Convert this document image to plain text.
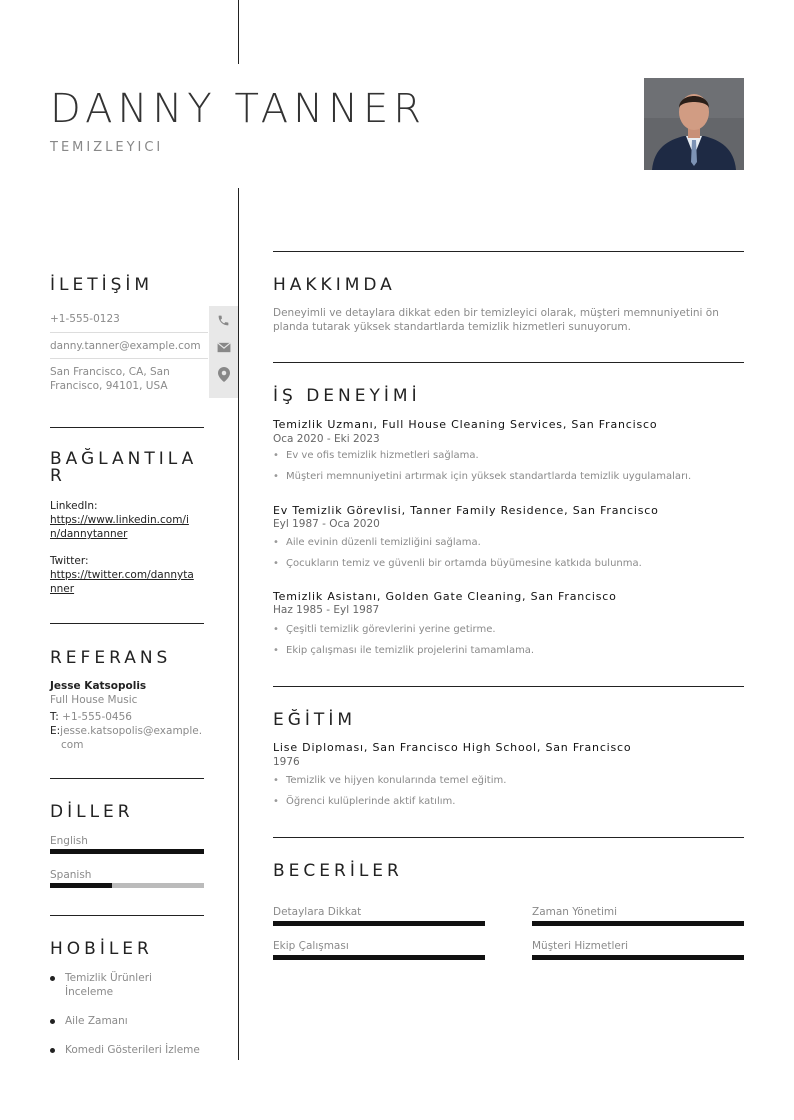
DANNY TANNER
TEMIZLEYICI
İLETİŞİM
+1-555-0123
danny.tanner@example.com
San Francisco, CA, San
Francisco, 94101, USA
BAĞLANTILA
R
LinkedIn:
https://www.linkedin.com/i
n/dannytanner
Twitter:
https://twitter.com/dannyta
nner
REFERANS
Jesse Katsopolis
Full House Music
T: +1-555-0456
E:jesse.katsopolis@example.
com
DİLLER
English
Spanish
HOBİLER
Temizlik Ürünleri
İnceleme
Aile Zamanı
Komedi Gösterileri İzleme
HAKKIMDA
Deneyimli ve detaylara dikkat eden bir temizleyici olarak, müşteri memnuniyetini ön
planda tutarak yüksek standartlarda temizlik hizmetleri sunuyorum.
İŞ DENEYİMİ
Temizlik Uzmanı, Full House Cleaning Services, San Francisco
Oca 2020 - Eki 2023
• Ev ve ofis temizlik hizmetleri sağlama.
• Müşteri memnuniyetini artırmak için yüksek standartlarda temizlik uygulamaları.
Ev Temizlik Görevlisi, Tanner Family Residence, San Francisco
Eyl 1987 - Oca 2020
• Aile evinin düzenli temizliğini sağlama.
• Çocukların temiz ve güvenli bir ortamda büyümesine katkıda bulunma.
Temizlik Asistanı, Golden Gate Cleaning, San Francisco
Haz 1985 - Eyl 1987
• Çeşitli temizlik görevlerini yerine getirme.
• Ekip çalışması ile temizlik projelerini tamamlama.
EĞİTİM
Lise Diploması, San Francisco High School, San Francisco
1976
• Temizlik ve hijyen konularında temel eğitim.
• Öğrenci kulüplerinde aktif katılım.
BECERİLER
Detaylara Dikkat	Zaman Yönetimi
Ekip Çalışması	Müşteri Hizmetleri
